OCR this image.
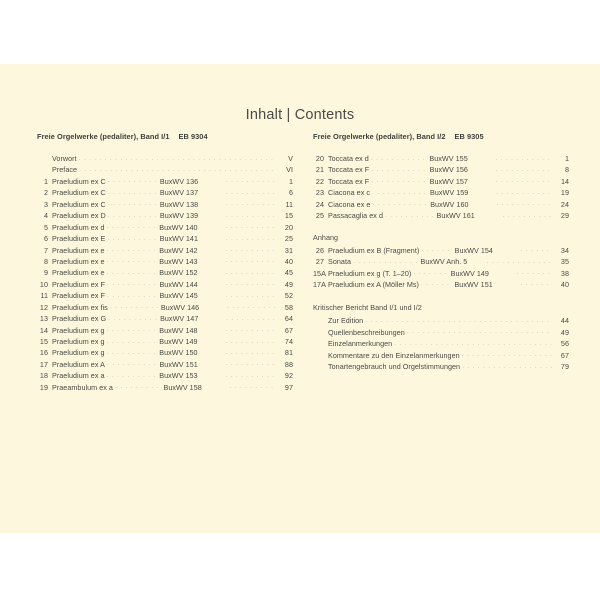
Inhalt | Contents
Freie Orgelwerke (pedaliter), Band I/1 EB 9304
Vorwort . . .	V
Preface . . .	VI
1 Praeludium ex C . . .	BuxWV 136 . . .	1
2 Praeludium ex C . . .	BuxWV 137 . . .	6
3 Praeludium ex C . . .	BuxWV 138 . . .	11
4 Praeludium ex D . . .	BuxWV 139 . . .	15
5 Praeludium ex d . . .	BuxWV 140 . . .	20
6 Praeludium ex E . . .	BuxWV 141 . . .	25
7 Praeludium ex e . . .	BuxWV 142 . . .	31
8 Praeludium ex e . . .	BuxWV 143 . . .	40
9 Praeludium ex e . . .	BuxWV 152 . . .	45
10 Praeludium ex F . . .	BuxWV 144 . . .	49
11 Praeludium ex F . . .	BuxWV 145 . . .	52
12 Praeludium ex fis . . .	BuxWV 146 . . .	58
13 Praeludium ex G . . .	BuxWV 147 . . .	64
14 Praeludium ex g . . .	BuxWV 148 . . .	67
15 Praeludium ex g . . .	BuxWV 149 . . .	74
16 Praeludium ex g . . .	BuxWV 150 . . .	81
17 Praeludium ex A . . .	BuxWV 151 . . .	88
18 Praeludium ex a . . .	BuxWV 153 . . .	92
19 Praeambulum ex a . . .	BuxWV 158 . . .	97
Freie Orgelwerke (pedaliter), Band I/2 EB 9305
20 Toccata ex d . . .	BuxWV 155 . . .	1
21 Toccata ex F . . .	BuxWV 156 . . .	8
22 Toccata ex F . . .	BuxWV 157 . . .	14
23 Ciacona ex c . . .	BuxWV 159 . . .	19
24 Ciacona ex e . . .	BuxWV 160 . . .	24
25 Passacaglia ex d . . .	BuxWV 161 . . .	29
Anhang
26 Praeludium ex B (Fragment) . . .	BuxWV 154 . . .	34
27 Sonata . . .	BuxWV Anh. 5 . . .	35
15A Praeludium ex g (T. 1–20) . . .	BuxWV 149 . . .	38
17A Praeludium ex A (Möller Ms) . . .	BuxWV 151 . . .	40
Kritischer Bericht Band I/1 und I/2
Zur Edition . . .	44
Quellenbeschreibungen . . .	49
Einzelanmerkungen . . .	56
Kommentare zu den Einzelanmerkungen . . .	67
Tonartengebrauch und Orgelstimmungen . . .	79
